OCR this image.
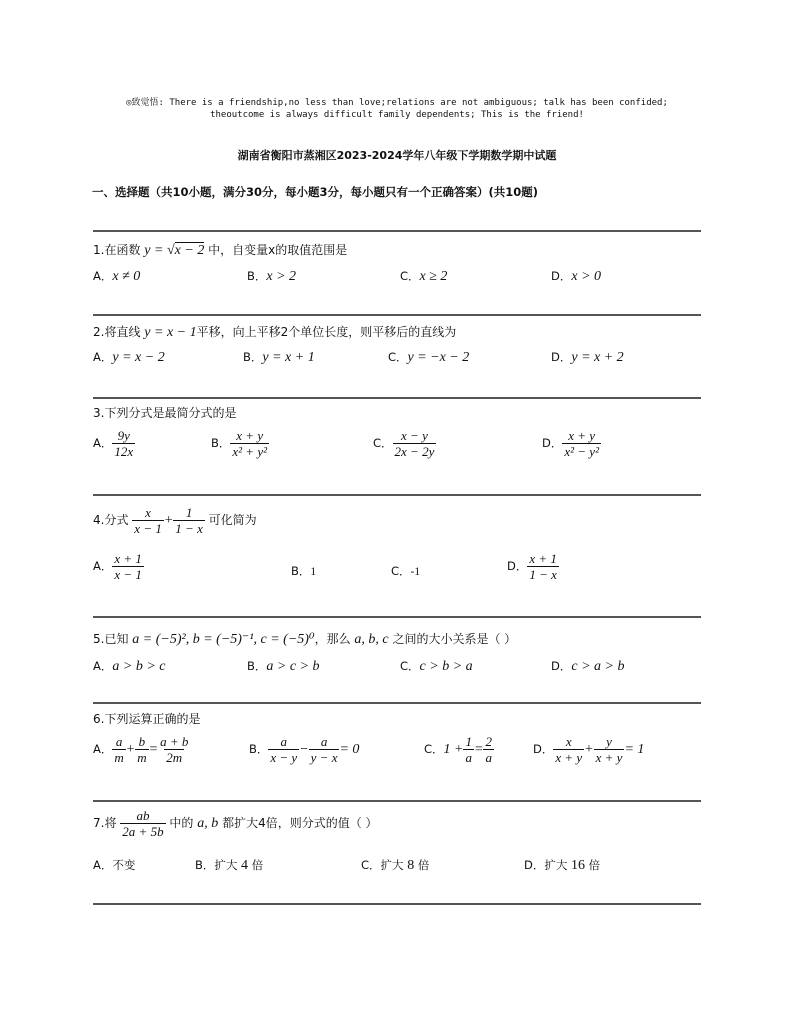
◎致觉悟: There is a friendship,no less than love;relations are not ambiguous; talk has been confided;
theoutcome is always difficult family dependents; This is the friend!
湖南省衡阳市蒸湘区2023-2024学年八年级下学期数学期中试题
一、选择题（共10小题，满分30分，每小题3分，每小题只有一个正确答案）(共10题)
1.在函数 y = √x − 2 中，自变量x的取值范围是
A．x ≠ 0	B．x > 2	C．x ≥ 2	D．x > 0
2.将直线 y = x − 1平移，向上平移2个单位长度，则平移后的直线为
A．y = x − 2	B．y = x + 1	C．y = −x − 2	D．y = x + 2
3.下列分式是最简分式的是
A． $\frac{9y}{12x}$	B． $\frac{x + y}{\text{x² + y²}}$	C． $\frac{x - y}{2x - 2y}$	D． $\frac{x + y}{\text{x² − y²}}$
4.分式 $\frac{x}{x - 1} + \frac{1}{1 - x}$ 可化简为
A． $\frac{x + 1}{x - 1}$	B．1	C．-1	D． $\frac{x + 1}{1 - x}$
5.已知 a = (−5)², b = (−5)⁻¹, c = (−5)⁰，那么 a, b, c 之间的大小关系是（ ）
A．a > b > c	B．a > c > b	C．c > b > a	D．c > a > b
6.下列运算正确的是
A． $\frac{a}{m} + \frac{b}{m} = \frac{a + b}{2m}$	B． $\frac{a}{x - y} - \frac{a}{y - x} = 0$	C．$1 + \frac{1}{a} = \frac{2}{a}$	D． $\frac{x}{x + y} + \frac{y}{x + y} = 1$
7.将 $\frac{ab}{2a + 5b}$ 中的 a, b 都扩大4倍，则分式的值（ ）
A．不变	B．扩大 4 倍	C．扩大 8 倍	D．扩大 16 倍
